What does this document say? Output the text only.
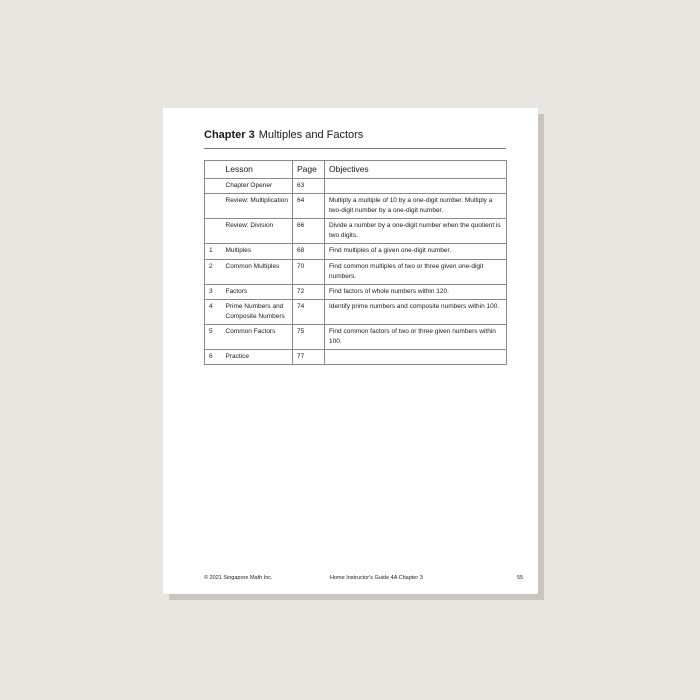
Chapter 3 Multiples and Factors
	Lesson	Page	Objectives
	Chapter Opener	63	
	Review: Multiplication	64	Multiply a multiple of 10 by a one-digit number. Multiply a two-digit number by a one-digit number.
	Review: Division	66	Divide a number by a one-digit number when the quotient is two digits.
1	Multiples	68	Find multiples of a given one-digit number.
2	Common Multiples	70	Find common multiples of two or three given one-digit numbers.
3	Factors	72	Find factors of whole numbers within 120.
4	Prime Numbers and Composite Numbers	74	Identify prime numbers and composite numbers within 100.
5	Common Factors	75	Find common factors of two or three given numbers within 100.
6	Practice	77	
© 2021 Singapore Math Inc.	Home Instructor's Guide 4A Chapter 3	55
